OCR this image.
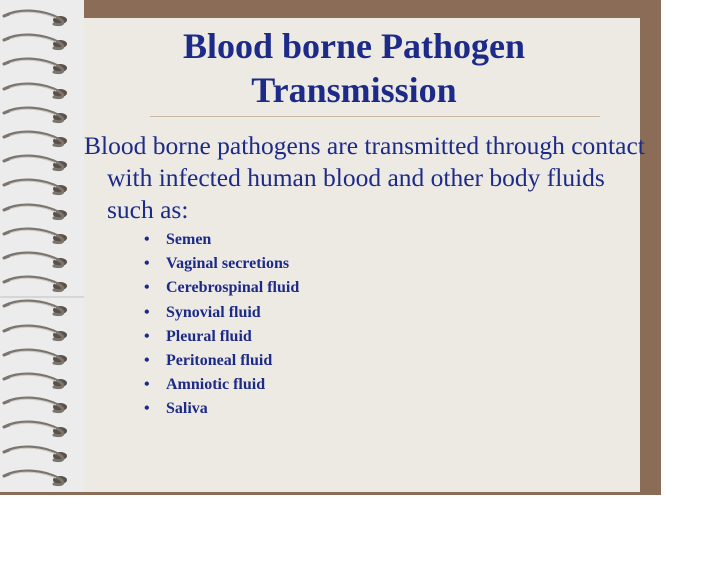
Blood borne Pathogen
Transmission

Blood borne pathogens are transmitted through contact with infected human blood and other body fluids such as:

• Semen
• Vaginal secretions
• Cerebrospinal fluid
• Synovial fluid
• Pleural fluid
• Peritoneal fluid
• Amniotic fluid
• Saliva
